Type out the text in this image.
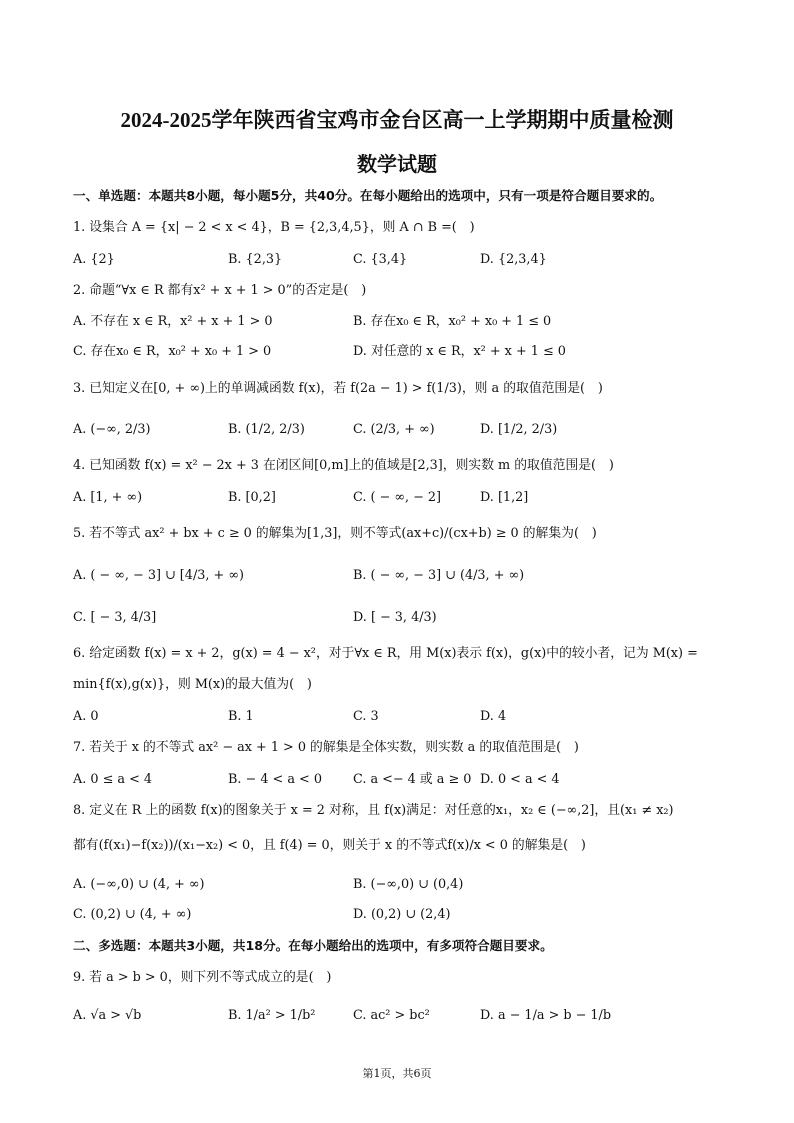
2024-2025学年陕西省宝鸡市金台区高一上学期期中质量检测
数学试题
一、单选题：本题共8小题，每小题5分，共40分。在每小题给出的选项中，只有一项是符合题目要求的。
1. 设集合 A = {x| − 2 < x < 4}，B = {2,3,4,5}，则 A ∩ B =(　)
A. {2}	B. {2,3}	C. {3,4}	D. {2,3,4}
2. 命题“∀x ∈ R 都有x² + x + 1 > 0”的否定是(　)
A. 不存在 x ∈ R，x² + x + 1 > 0	B. 存在x₀ ∈ R，x₀² + x₀ + 1 ≤ 0
C. 存在x₀ ∈ R，x₀² + x₀ + 1 > 0	D. 对任意的 x ∈ R，x² + x + 1 ≤ 0
3. 已知定义在[0, + ∞)上的单调减函数 f(x)，若 f(2a − 1) > f(1/3)，则 a 的取值范围是(　)
A. (−∞, 2/3)	B. (1/2, 2/3)	C. (2/3, + ∞)	D. [1/2, 2/3)
4. 已知函数 f(x) = x² − 2x + 3 在闭区间[0,m]上的值域是[2,3]，则实数 m 的取值范围是(　)
A. [1, + ∞)	B. [0,2]	C. ( − ∞, − 2]	D. [1,2]
5. 若不等式 ax² + bx + c ≥ 0 的解集为[1,3]，则不等式(ax+c)/(cx+b) ≥ 0 的解集为(　)
A. ( − ∞, − 3] ∪ [4/3, + ∞)	B. ( − ∞, − 3] ∪ (4/3, + ∞)
C. [ − 3, 4/3]	D. [ − 3, 4/3)
6. 给定函数 f(x) = x + 2，g(x) = 4 − x²，对于∀x ∈ R，用 M(x)表示 f(x)，g(x)中的较小者，记为 M(x) =
min{f(x),g(x)}，则 M(x)的最大值为(　)
A. 0	B. 1	C. 3	D. 4
7. 若关于 x 的不等式 ax² − ax + 1 > 0 的解集是全体实数，则实数 a 的取值范围是(　)
A. 0 ≤ a < 4	B. − 4 < a < 0 C. a <− 4 或 a ≥ 0 D. 0 < a < 4
8. 定义在 R 上的函数 f(x)的图象关于 x = 2 对称，且 f(x)满足：对任意的x₁，x₂ ∈ (−∞,2]，且(x₁ ≠ x₂)
都有(f(x₁)−f(x₂))/(x₁−x₂) < 0，且 f(4) = 0，则关于 x 的不等式f(x)/x < 0 的解集是(　)
A. (−∞,0) ∪ (4, + ∞)	B. (−∞,0) ∪ (0,4)
C. (0,2) ∪ (4, + ∞)	D. (0,2) ∪ (2,4)
二、多选题：本题共3小题，共18分。在每小题给出的选项中，有多项符合题目要求。
9. 若 a > b > 0，则下列不等式成立的是(　)
A. √a > √b	B. 1/a² > 1/b²	C. ac² > bc²	D. a − 1/a > b − 1/b
第1页，共6页
